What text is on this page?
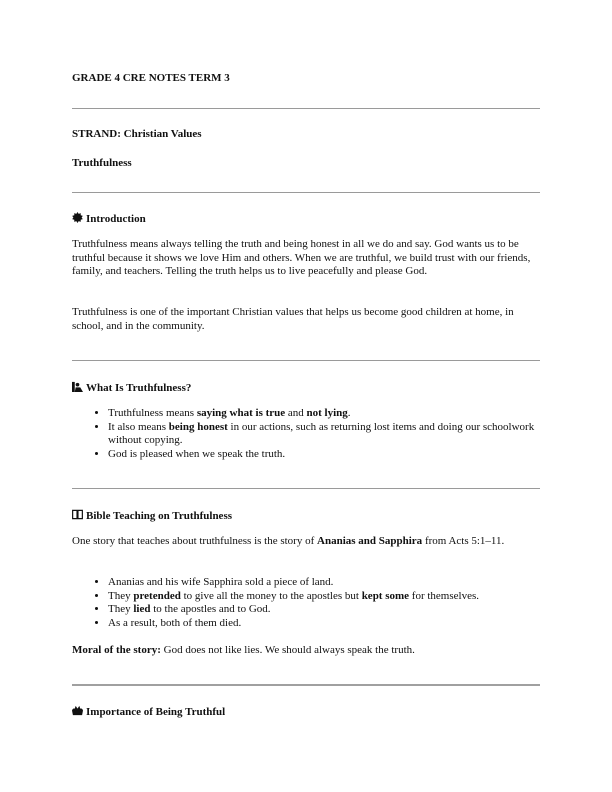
GRADE 4 CRE NOTES TERM 3
STRAND: Christian Values
Truthfulness
Introduction
Truthfulness means always telling the truth and being honest in all we do and say. God wants us to be truthful because it shows we love Him and others. When we are truthful, we build trust with our friends, family, and teachers. Telling the truth helps us to live peacefully and please God.
Truthfulness is one of the important Christian values that helps us become good children at home, in school, and in the community.
What Is Truthfulness?
• Truthfulness means saying what is true and not lying.
• It also means being honest in our actions, such as returning lost items and doing our schoolwork without copying.
• God is pleased when we speak the truth.
Bible Teaching on Truthfulness
One story that teaches about truthfulness is the story of Ananias and Sapphira from Acts 5:1–11.
• Ananias and his wife Sapphira sold a piece of land.
• They pretended to give all the money to the apostles but kept some for themselves.
• They lied to the apostles and to God.
• As a result, both of them died.
Moral of the story: God does not like lies. We should always speak the truth.
Importance of Being Truthful
